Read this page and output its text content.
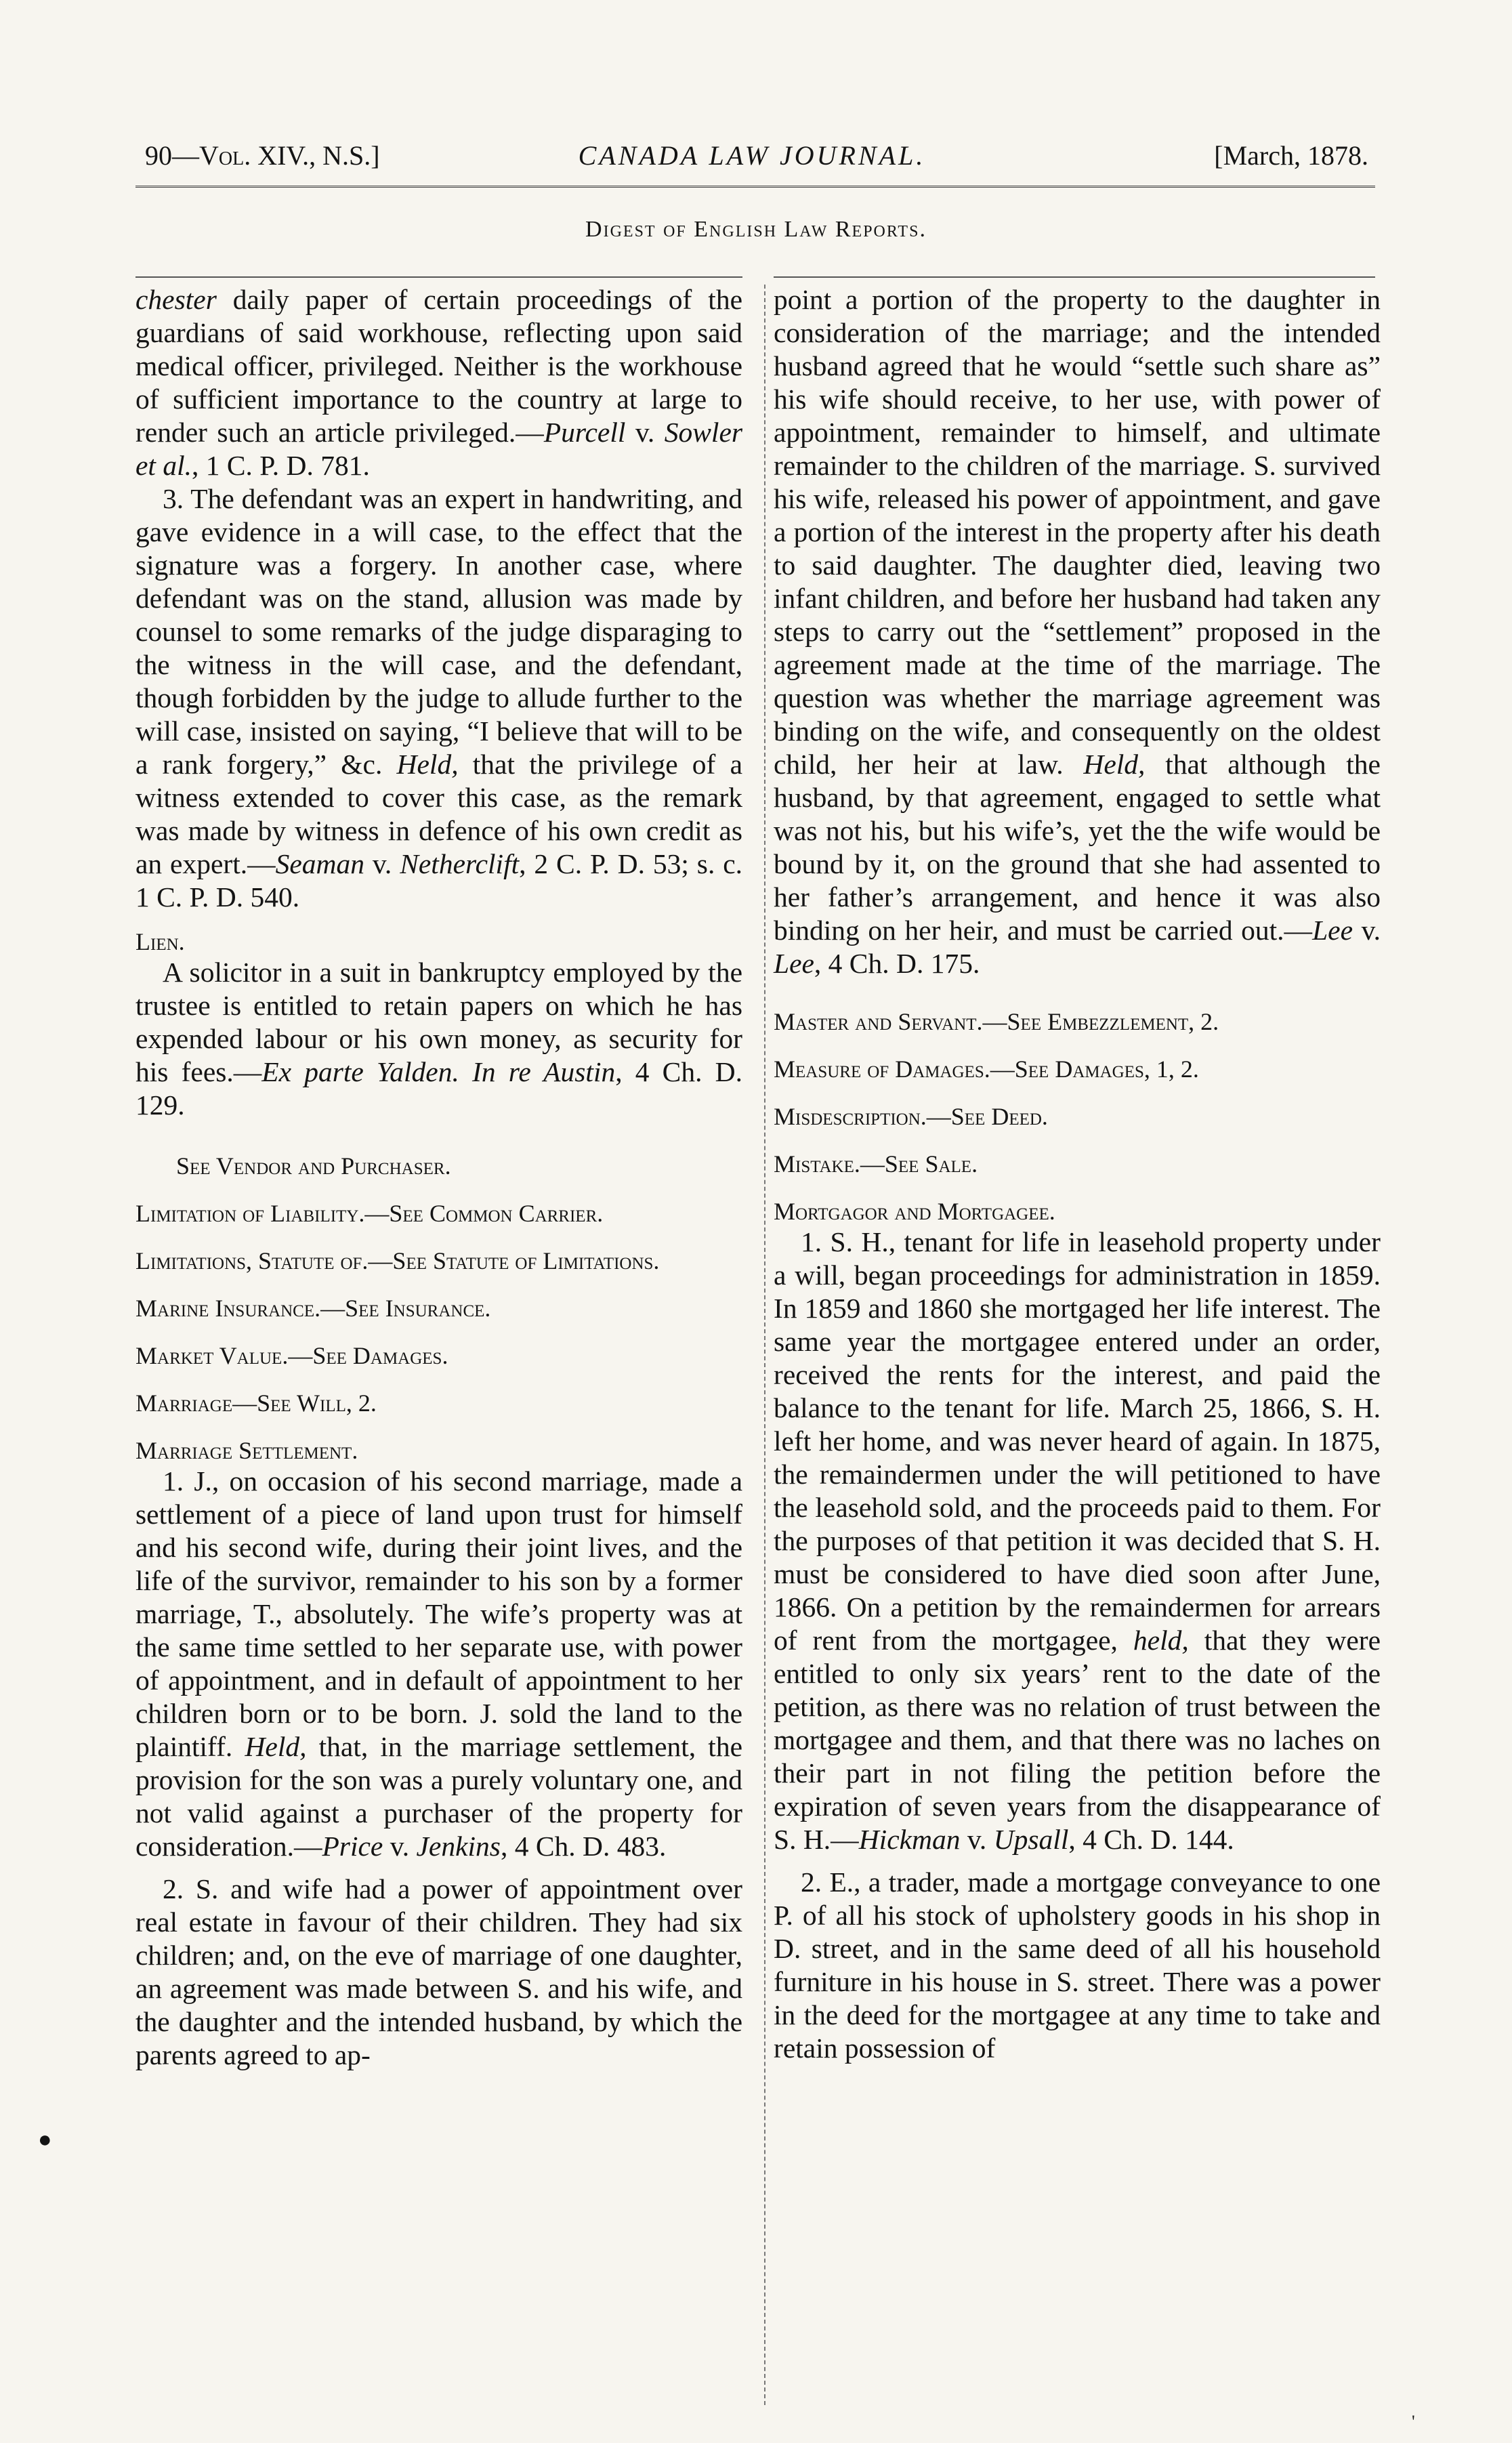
90—Vol. XIV., N.S.]	CANADA LAW JOURNAL.	[March, 1878.
Digest of English Law Reports.

chester daily paper of certain proceedings of the guardians of said workhouse, reflecting upon said medical officer, privileged. Neither is the workhouse of sufficient importance to the country at large to render such an article privileged.—Purcell v. Sowler et al., 1 C. P. D. 781.

3. The defendant was an expert in handwriting, and gave evidence in a will case, to the effect that the signature was a forgery. In another case, where defendant was on the stand, allusion was made by counsel to some remarks of the judge disparaging to the witness in the will case, and the defendant, though forbidden by the judge to allude further to the will case, insisted on saying, “I believe that will to be a rank forgery,” &c. Held, that the privilege of a witness extended to cover this case, as the remark was made by witness in defence of his own credit as an expert.—Seaman v. Netherclift, 2 C. P. D. 53; s. c. 1 C. P. D. 540.

Lien.

A solicitor in a suit in bankruptcy employed by the trustee is entitled to retain papers on which he has expended labour or his own money, as security for his fees.—Ex parte Yalden. In re Austin, 4 Ch. D. 129.

See Vendor and Purchaser.

Limitation of Liability.—See Common Carrier.

Limitations, Statute of.—See Statute of Limitations.

Marine Insurance.—See Insurance.

Market Value.—See Damages.

Marriage—See Will, 2.

Marriage Settlement.

1. J., on occasion of his second marriage, made a settlement of a piece of land upon trust for himself and his second wife, during their joint lives, and the life of the survivor, remainder to his son by a former marriage, T., absolutely. The wife’s property was at the same time settled to her separate use, with power of appointment, and in default of appointment to her children born or to be born. J. sold the land to the plaintiff. Held, that, in the marriage settlement, the provision for the son was a purely voluntary one, and not valid against a purchaser of the property for consideration.—Price v. Jenkins, 4 Ch. D. 483.

2. S. and wife had a power of appointment over real estate in favour of their children. They had six children; and, on the eve of marriage of one daughter, an agreement was made between S. and his wife, and the daughter and the intended husband, by which the parents agreed to ap-

point a portion of the property to the daughter in consideration of the marriage; and the intended husband agreed that he would “settle such share as” his wife should receive, to her use, with power of appointment, remainder to himself, and ultimate remainder to the children of the marriage. S. survived his wife, released his power of appointment, and gave a portion of the interest in the property after his death to said daughter. The daughter died, leaving two infant children, and before her husband had taken any steps to carry out the “settlement” proposed in the agreement made at the time of the marriage. The question was whether the marriage agreement was binding on the wife, and consequently on the oldest child, her heir at law. Held, that although the husband, by that agreement, engaged to settle what was not his, but his wife’s, yet the the wife would be bound by it, on the ground that she had assented to her father’s arrangement, and hence it was also binding on her heir, and must be carried out.—Lee v. Lee, 4 Ch. D. 175.

Master and Servant.—See Embezzlement, 2.

Measure of Damages.—See Damages, 1, 2.

Misdescription.—See Deed.

Mistake.—See Sale.

Mortgagor and Mortgagee.

1. S. H., tenant for life in leasehold property under a will, began proceedings for administration in 1859. In 1859 and 1860 she mortgaged her life interest. The same year the mortgagee entered under an order, received the rents for the interest, and paid the balance to the tenant for life. March 25, 1866, S. H. left her home, and was never heard of again. In 1875, the remaindermen under the will petitioned to have the leasehold sold, and the proceeds paid to them. For the purposes of that petition it was decided that S. H. must be considered to have died soon after June, 1866. On a petition by the remaindermen for arrears of rent from the mortgagee, held, that they were entitled to only six years’ rent to the date of the petition, as there was no relation of trust between the mortgagee and them, and that there was no laches on their part in not filing the petition before the expiration of seven years from the disappearance of S. H.—Hickman v. Upsall, 4 Ch. D. 144.

2. E., a trader, made a mortgage conveyance to one P. of all his stock of upholstery goods in his shop in D. street, and in the same deed of all his household furniture in his house in S. street. There was a power in the deed for the mortgagee at any time to take and retain possession of

●
'
